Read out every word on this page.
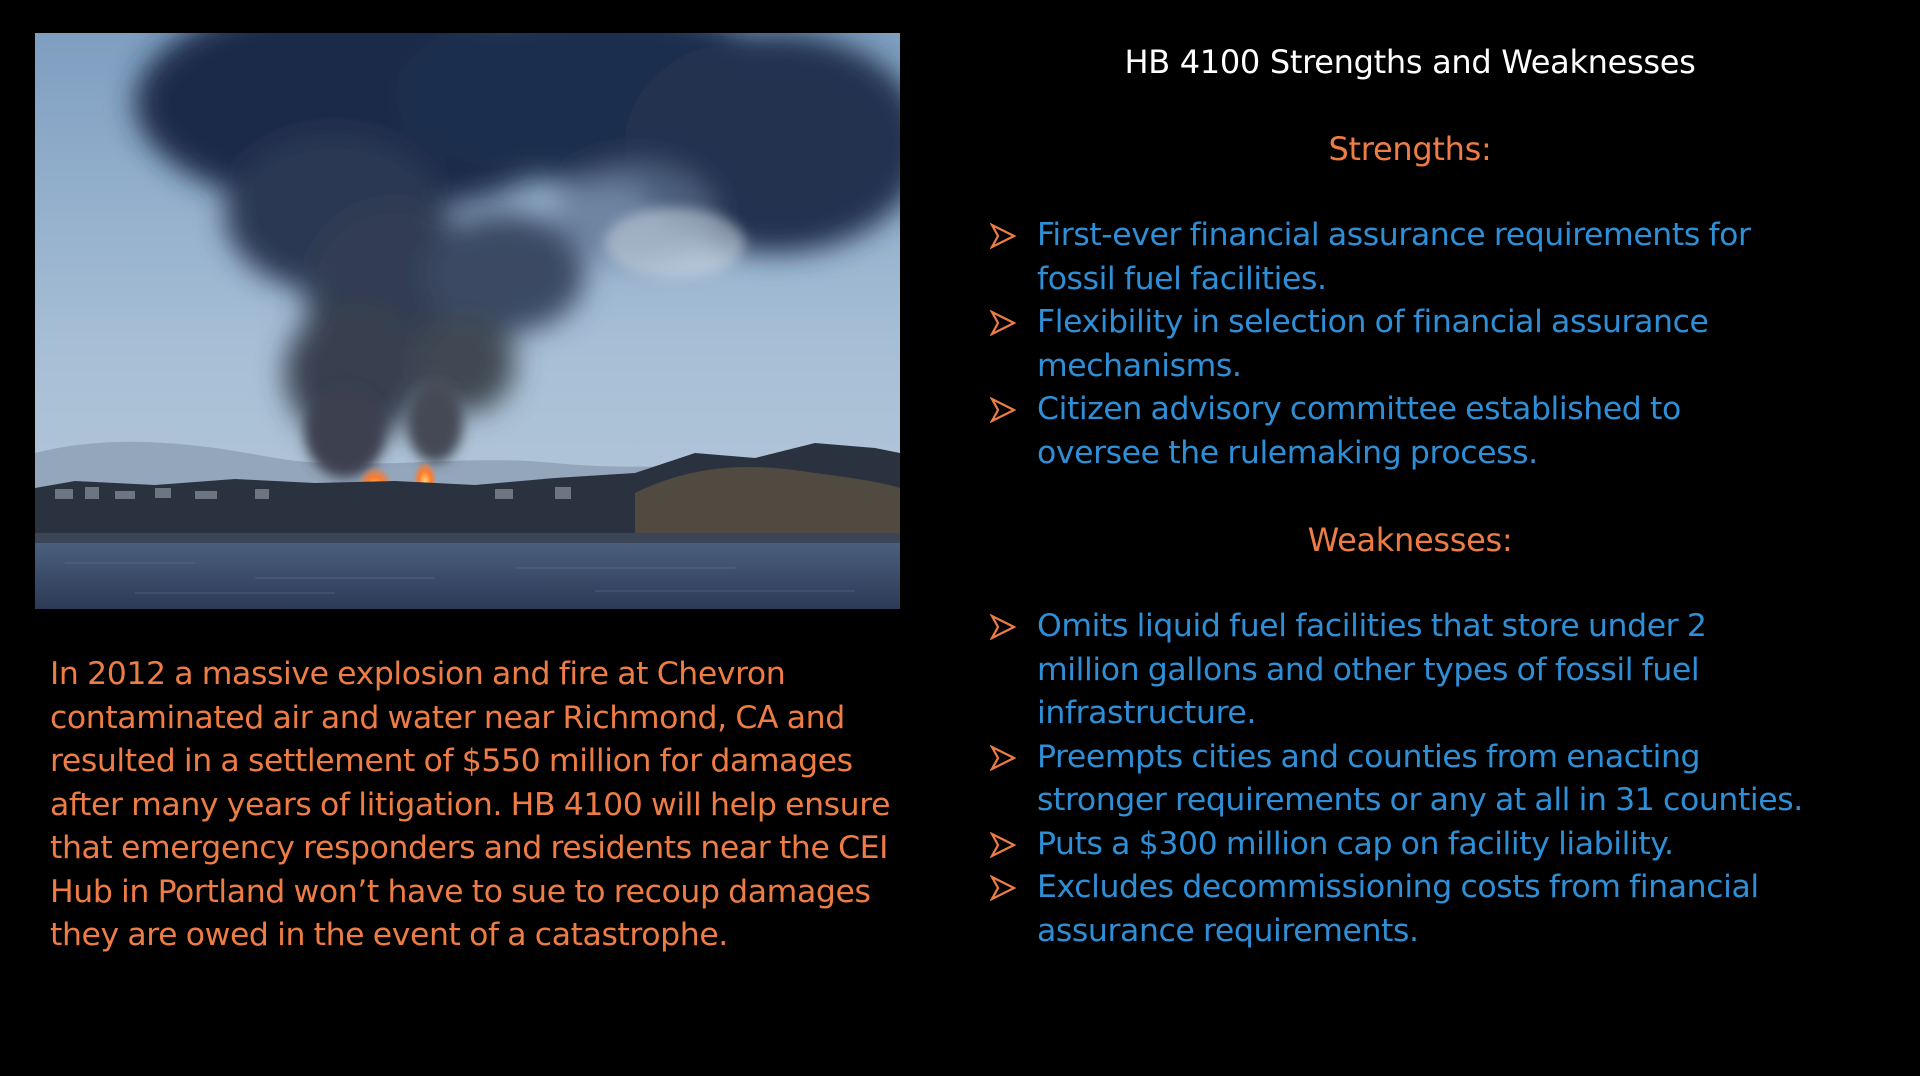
In 2012 a massive explosion and fire at Chevron contaminated air and water near Richmond, CA and resulted in a settlement of $550 million for damages after many years of litigation. HB 4100 will help ensure that emergency responders and residents near the CEI Hub in Portland won’t have to sue to recoup damages they are owed in the event of a catastrophe.

HB 4100 Strengths and Weaknesses
Strengths:
First-ever financial assurance requirements for fossil fuel facilities.
Flexibility in selection of financial assurance mechanisms.
Citizen advisory committee established to oversee the rulemaking process.
Weaknesses:
Omits liquid fuel facilities that store under 2 million gallons and other types of fossil fuel infrastructure.
Preempts cities and counties from enacting stronger requirements or any at all in 31 counties.
Puts a $300 million cap on facility liability.
Excludes decommissioning costs from financial assurance requirements.
